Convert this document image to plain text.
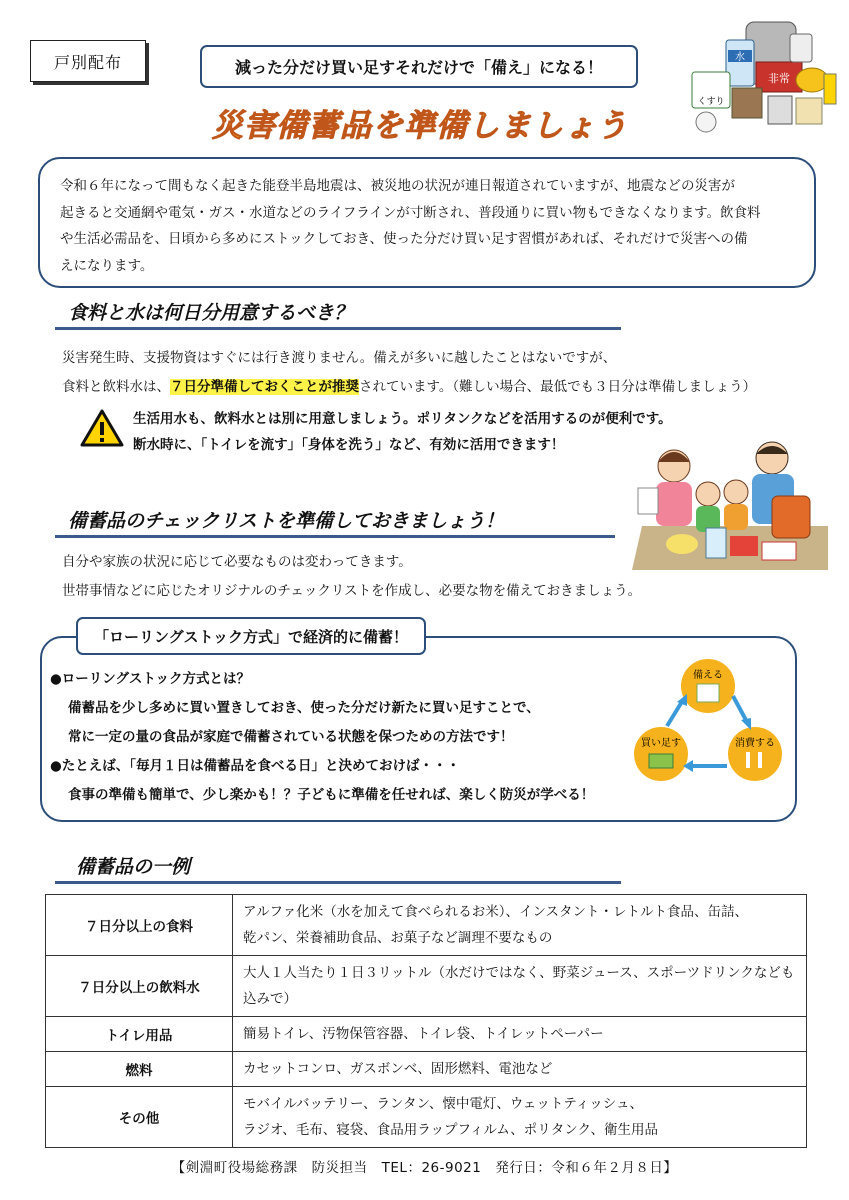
戸別配布	減った分だけ買い足すそれだけで「備え」になる！
災害備蓄品を準備しましょう
水
非常
くすり
令和６年になって間もなく起きた能登半島地震は、被災地の状況が連日報道されていますが、地震などの災害が
起きると交通網や電気・ガス・水道などのライフラインが寸断され、普段通りに買い物もできなくなります。飲食料
や生活必需品を、日頃から多めにストックしておき、使った分だけ買い足す習慣があれば、それだけで災害への備
えになります。
食料と水は何日分用意するべき？
災害発生時、支援物資はすぐには行き渡りません。備えが多いに越したことはないですが、
食料と飲料水は、７日分準備しておくことが推奨されています。（難しい場合、最低でも３日分は準備しましょう）
生活用水も、飲料水とは別に用意しましょう。ポリタンクなどを活用するのが便利です。
断水時に、「トイレを流す」「身体を洗う」など、有効に活用できます！
備蓄品のチェックリストを準備しておきましょう！
自分や家族の状況に応じて必要なものは変わってきます。
世帯事情などに応じたオリジナルのチェックリストを作成し、必要な物を備えておきましょう。
「ローリングストック方式」で経済的に備蓄！
●ローリングストック方式とは？
備蓄品を少し多めに買い置きしておき、使った分だけ新たに買い足すことで、
常に一定の量の食品が家庭で備蓄されている状態を保つための方法です！
●たとえば、「毎月１日は備蓄品を食べる日」と決めておけば・・・
食事の準備も簡単で、少し楽かも！？子どもに準備を任せれば、楽しく防災が学べる！
備える
消費する
買い足す
備蓄品の一例
７日分以上の食料	アルファ化米（水を加えて食べられるお米）、インスタント・レトルト食品、缶詰、
乾パン、栄養補助食品、お菓子など調理不要なもの

７日分以上の飲料水	大人１人当たり１日３リットル（水だけではなく、野菜ジュース、スポーツドリンクなども
込みで）

トイレ用品	簡易トイレ、汚物保管容器、トイレ袋、トイレットペーパー

燃料	カセットコンロ、ガスボンベ、固形燃料、電池など

その他	モバイルバッテリー、ランタン、懐中電灯、ウェットティッシュ、
ラジオ、毛布、寝袋、食品用ラップフィルム、ポリタンク、衛生用品
【剣淵町役場総務課　防災担当　TEL：26-9021　発行日：令和６年２月８日】
